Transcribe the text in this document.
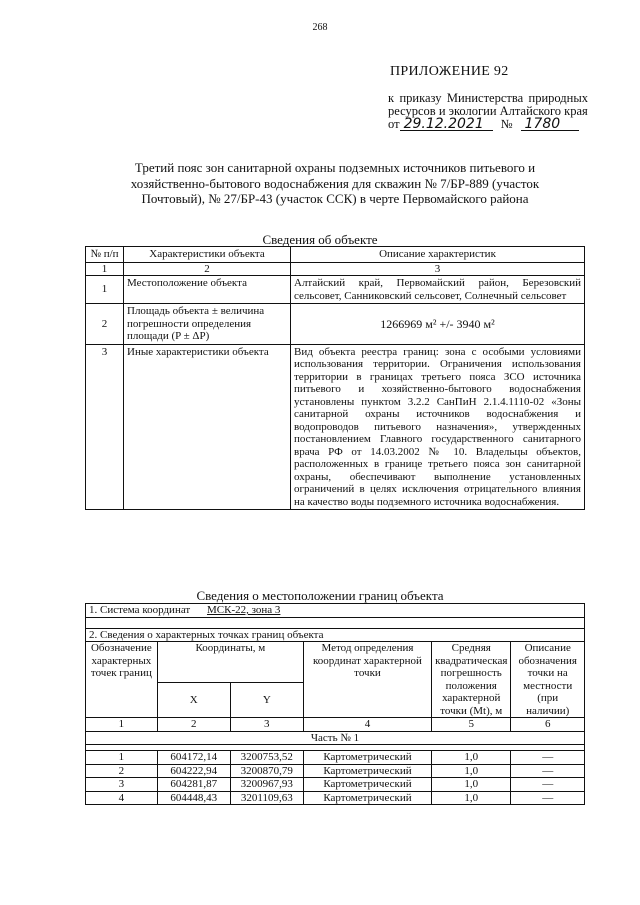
268
ПРИЛОЖЕНИЕ 92
к приказу Министерства природных ресурсов и экологии Алтайского края
от 29.12.2021	№ 1780
Третий пояс зон санитарной охраны подземных источников питьевого и хозяйственно-бытового водоснабжения для скважин № 7/БР-889 (участок Почтовый), № 27/БР-43 (участок ССК) в черте Первомайского района
Сведения об объекте
№ п/п	Характеристики объекта	Описание характеристик
1	2	3
1	Местоположение объекта	Алтайский край, Первомайский район, Березовский сельсовет, Санниковский сельсовет, Солнечный сельсовет
2	Площадь объекта ± величина погрешности определения площади (P ± ΔP)	1266969 м² +/- 3940 м²
3	Иные характеристики объекта	Вид объекта реестра границ: зона с особыми условиями использования территории. Ограничения использования территории в границах третьего пояса ЗСО источника питьевого и хозяйственно-бытового водоснабжения установлены пунктом 3.2.2 СанПиН 2.1.4.1110-02 «Зоны санитарной охраны источников водоснабжения и водопроводов питьевого назначения», утвержденных постановлением Главного государственного санитарного врача РФ от 14.03.2002 № 10. Владельцы объектов, расположенных в границе третьего пояса зон санитарной охраны, обеспечивают выполнение установленных ограничений в целях исключения отрицательного влияния на качество воды подземного источника водоснабжения.
Сведения о местоположении границ объекта
1. Система координат МСК-22, зона 3					

2. Сведения о характерных точках границ объекта					
Обозначение характерных точек границ	Координаты, м		Метод определения координат характерной точки	Средняя квадратическая погрешность положения характерной точки (Mt), м	Описание обозначения точки на местности (при наличии)
	X	Y			
1	2	3	4	5	6
Часть № 1					

1	604172,14	3200753,52	Картометрический	1,0	—
2	604222,94	3200870,79	Картометрический	1,0	—
3	604281,87	3200967,93	Картометрический	1,0	—
4	604448,43	3201109,63	Картометрический	1,0	—
